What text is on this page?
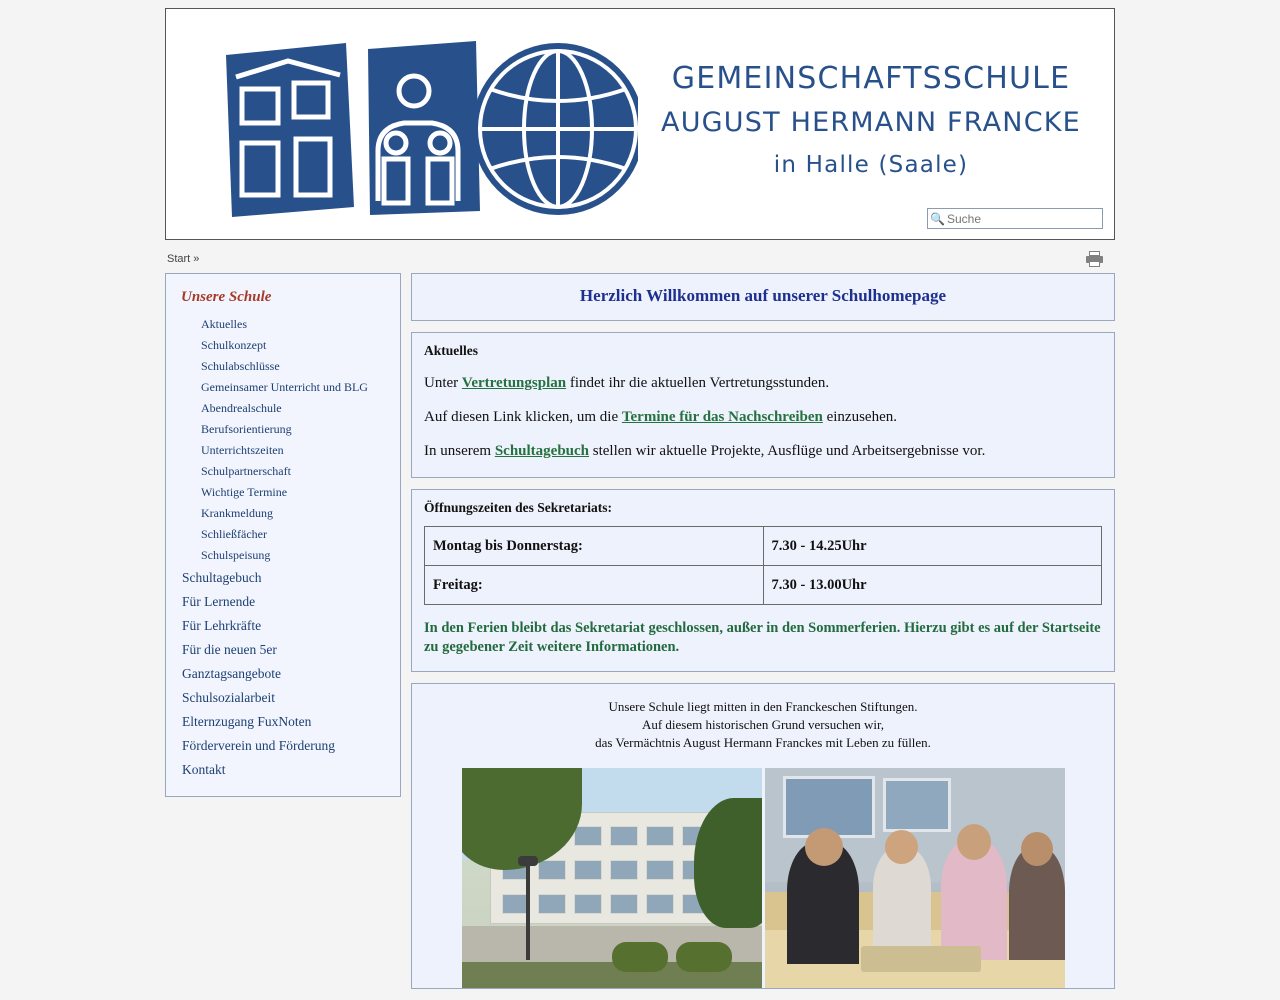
GEMEINSCHAFTSSCHULE
AUGUST HERMANN FRANCKE
in Halle (Saale)
🔍
Suche
Start »
Unsere Schule
Aktuelles
Schulkonzept
Schulabschlüsse
Gemeinsamer Unterricht und BLG
Abendrealschule
Berufsorientierung
Unterrichtszeiten
Schulpartnerschaft
Wichtige Termine
Krankmeldung
Schließfächer
Schulspeisung
Schultagebuch
Für Lernende
Für Lehrkräfte
Für die neuen 5er
Ganztagsangebote
Schulsozialarbeit
Elternzugang FuxNoten
Förderverein und Förderung
Kontakt
Herzlich Willkommen auf unserer Schulhomepage
Aktuelles

Unter Vertretungsplan findet ihr die aktuellen Vertretungsstunden.

Auf diesen Link klicken, um die Termine für das Nachschreiben einzusehen.

In unserem Schultagebuch stellen wir aktuelle Projekte, Ausflüge und Arbeitsergebnisse vor.

Öffnungszeiten des Sekretariats:
Montag bis Donnerstag:	7.30 - 14.25Uhr
Freitag:	7.30 - 13.00Uhr
In den Ferien bleibt das Sekretariat geschlossen, außer in den Sommerferien. Hierzu gibt es auf der Startseite zu gegebener Zeit weitere Informationen.
Unsere Schule liegt mitten in den Franckeschen Stiftungen.
Auf diesem historischen Grund versuchen wir,
das Vermächtnis August Hermann Franckes mit Leben zu füllen.
